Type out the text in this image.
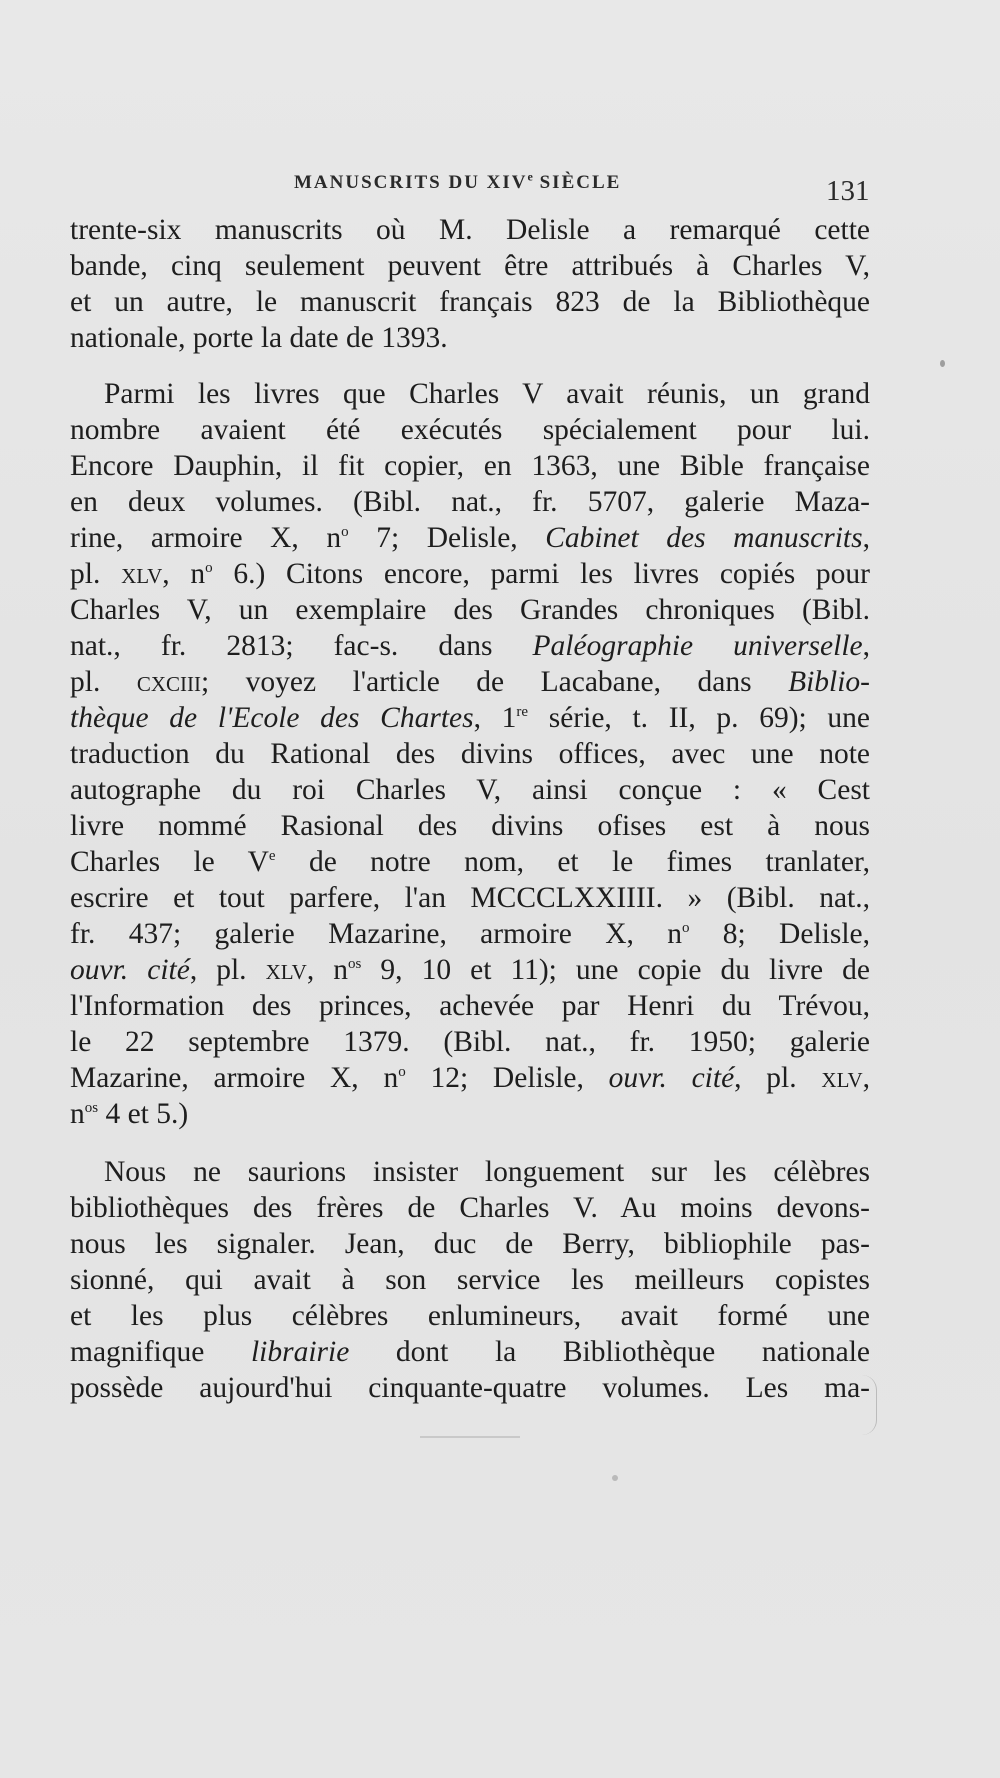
MANUSCRITS DU XIVe SIÈCLE	131
trente-six manuscrits où M. Delisle a remarqué cette
bande, cinq seulement peuvent être attribués à Charles V,
et un autre, le manuscrit français 823 de la Bibliothèque
nationale, porte la date de 1393.
Parmi les livres que Charles V avait réunis, un grand
nombre avaient été exécutés spécialement pour lui.
Encore Dauphin, il fit copier, en 1363, une Bible française
en deux volumes. (Bibl. nat., fr. 5707, galerie Maza-
rine, armoire X, $n^o$ 7; Delisle, Cabinet des manuscrits,
pl. xlv, $n^o$ 6.) Citons encore, parmi les livres copiés pour
Charles V, un exemplaire des Grandes chroniques (Bibl.
nat., fr. 2813; fac-s. dans Paléographie universelle,
pl. cxciii; voyez l'article de Lacabane, dans Biblio-
thèque de l'Ecole des Chartes, 1re série, t. II, p. 69); une
traduction du Rational des divins offices, avec une note
autographe du roi Charles V, ainsi conçue : « Cest
livre nommé Rasional des divins ofises est à nous
Charles le Ve de notre nom, et le fimes tranlater,
escrire et tout parfere, l'an MCCCLXXIIII. » (Bibl. nat.,
fr. 437; galerie Mazarine, armoire X, $n^o$ 8; Delisle,
ouvr. cité, pl. xlv, $n^{os}$ 9, 10 et 11); une copie du livre de
l'Information des princes, achevée par Henri du Trévou,
le 22 septembre 1379. (Bibl. nat., fr. 1950; galerie
Mazarine, armoire X, $n^o$ 12; Delisle, ouvr. cité, pl. xlv,
$n^{os}$ 4 et 5.)
Nous ne saurions insister longuement sur les célèbres
bibliothèques des frères de Charles V. Au moins devons-
nous les signaler. Jean, duc de Berry, bibliophile pas-
sionné, qui avait à son service les meilleurs copistes
et les plus célèbres enlumineurs, avait formé une
magnifique librairie dont la Bibliothèque nationale
possède aujourd'hui cinquante-quatre volumes. Les ma-
